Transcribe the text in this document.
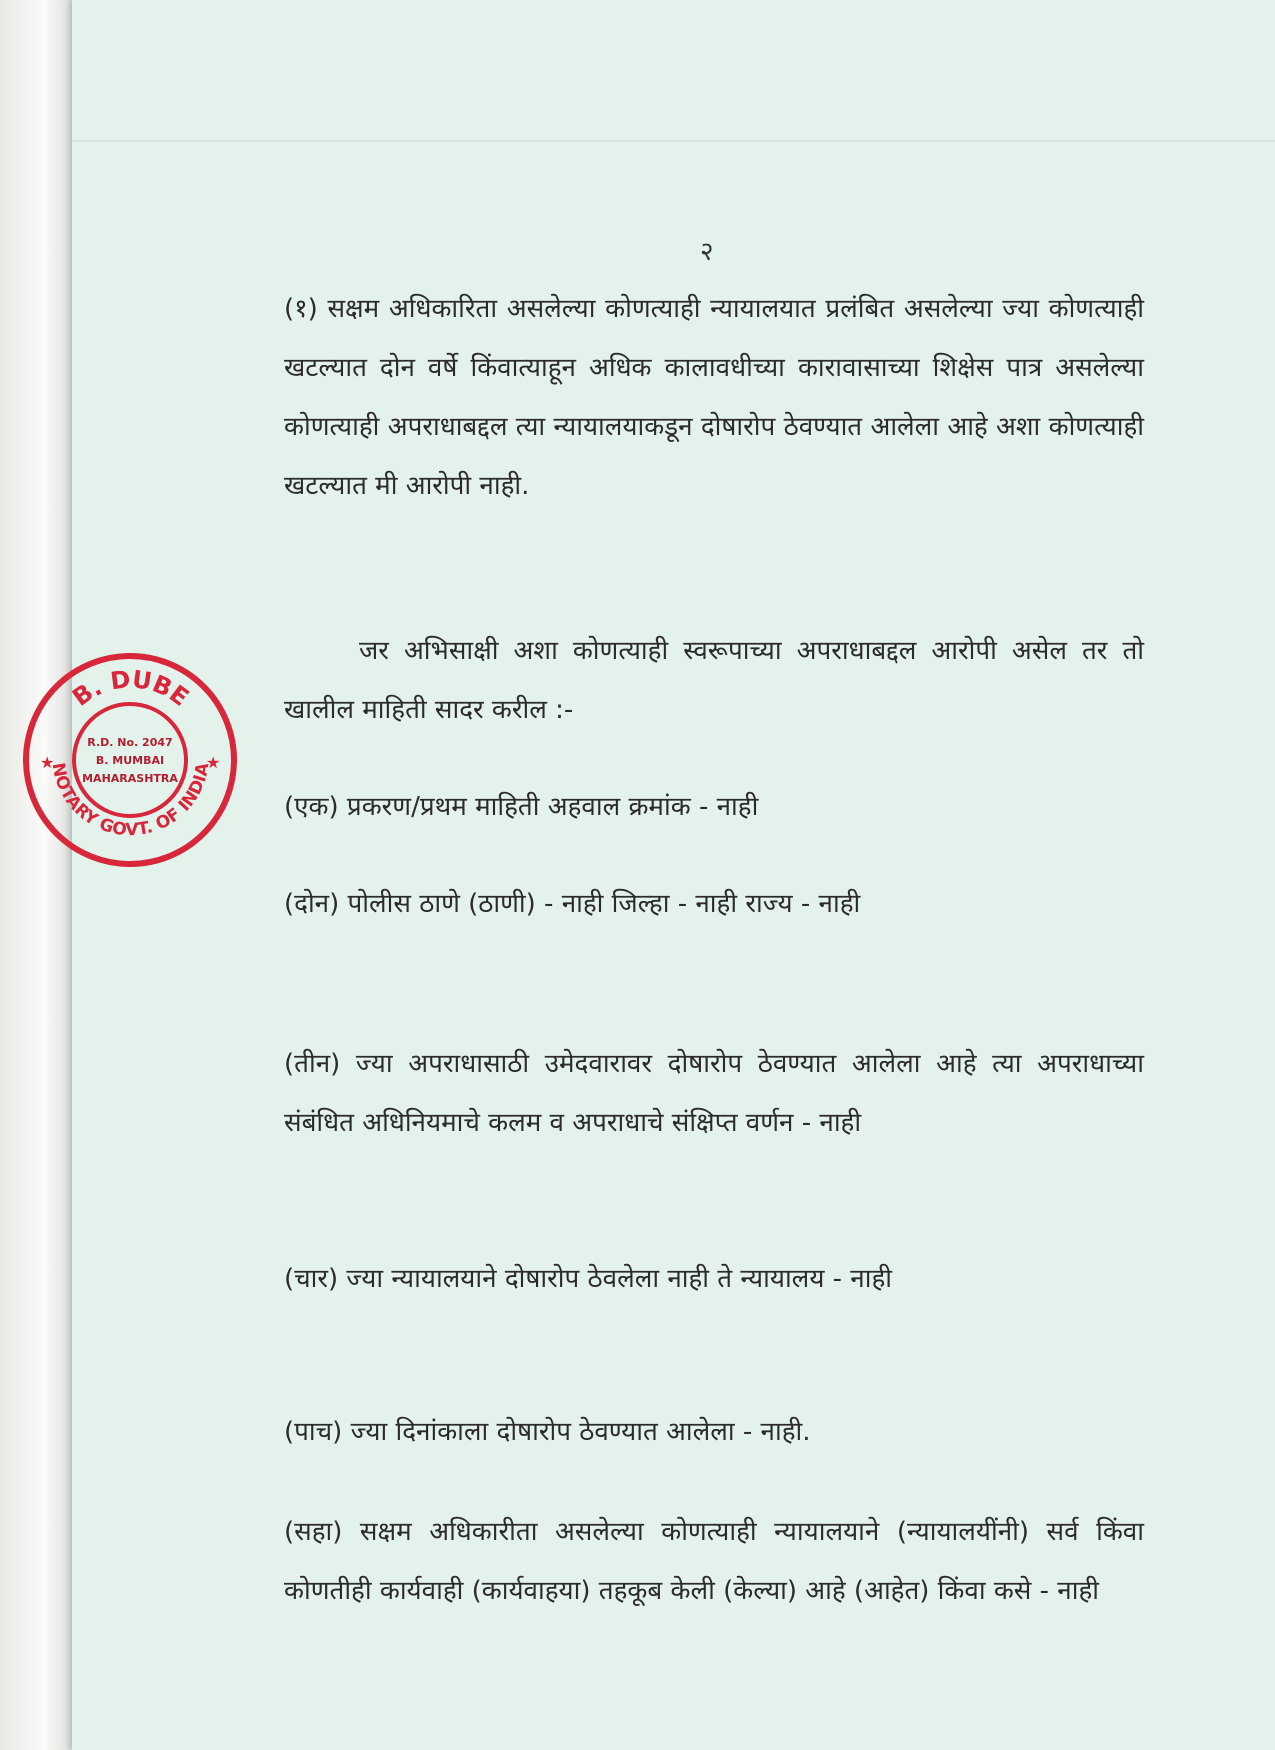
२
(१) सक्षम अधिकारिता असलेल्या कोणत्याही न्यायालयात प्रलंबित असलेल्या ज्या कोणत्याही खटल्यात दोन वर्षे किंवात्याहून अधिक कालावधीच्या कारावासाच्या शिक्षेस पात्र असलेल्या कोणत्याही अपराधाबद्दल त्या न्यायालयाकडून दोषारोप ठेवण्यात आलेला आहे अशा कोणत्याही खटल्यात मी आरोपी नाही.
जर अभिसाक्षी अशा कोणत्याही स्वरूपाच्या अपराधाबद्दल आरोपी असेल तर तो खालील माहिती सादर करील :-
(एक) प्रकरण/प्रथम माहिती अहवाल क्रमांक - नाही
(दोन) पोलीस ठाणे (ठाणी) - नाही जिल्हा - नाही राज्य - नाही
(तीन) ज्या अपराधासाठी उमेदवारावर दोषारोप ठेवण्यात आलेला आहे त्या अपराधाच्या संबंधित अधिनियमाचे कलम व अपराधाचे संक्षिप्त वर्णन - नाही
(चार) ज्या न्यायालयाने दोषारोप ठेवलेला नाही ते न्यायालय - नाही
(पाच) ज्या दिनांकाला दोषारोप ठेवण्यात आलेला - नाही.
(सहा) सक्षम अधिकारीता असलेल्या कोणत्याही न्यायालयाने (न्यायालयींनी) सर्व किंवा कोणतीही कार्यवाही (कार्यवाहया) तहकूब केली (केल्या) आहे (आहेत) किंवा कसे - नाही
B. DUBE
NOTARY GOVT. OF INDIA
R.D. No. 2047
B. MUMBAI
MAHARASHTRA
★	★
